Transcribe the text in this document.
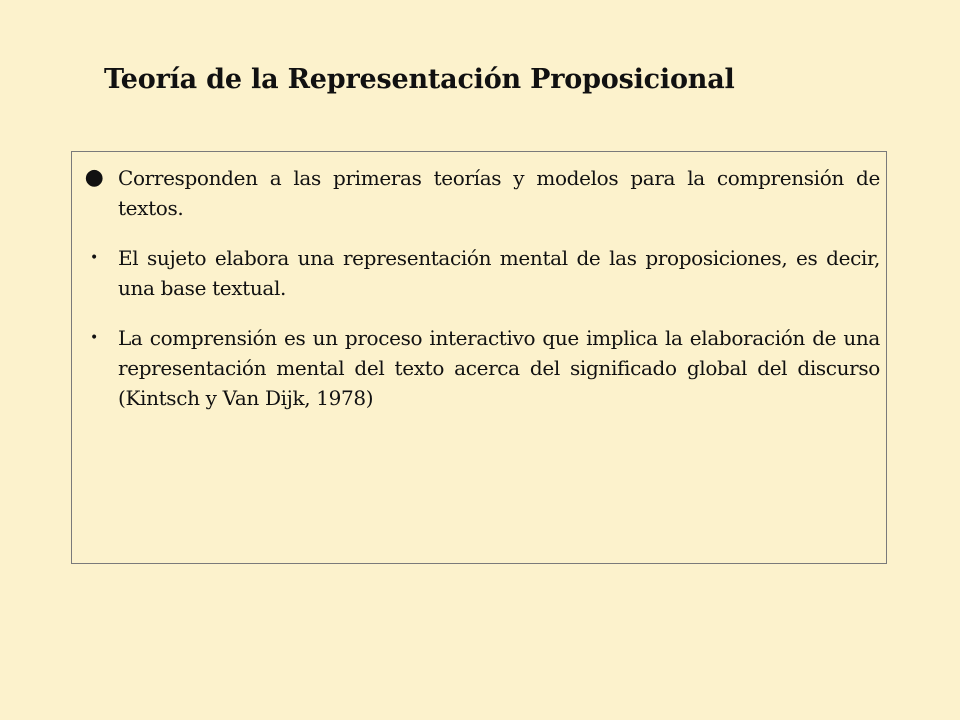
Teoría de la Representación Proposicional
● Corresponden a las primeras teorías y modelos para la comprensión de textos.
•	El sujeto elabora una representación mental de las proposiciones, es decir, una base textual.
•	La comprensión es un proceso interactivo que implica la elaboración de una representación mental del texto acerca del significado global del discurso (Kintsch y Van Dijk, 1978)
